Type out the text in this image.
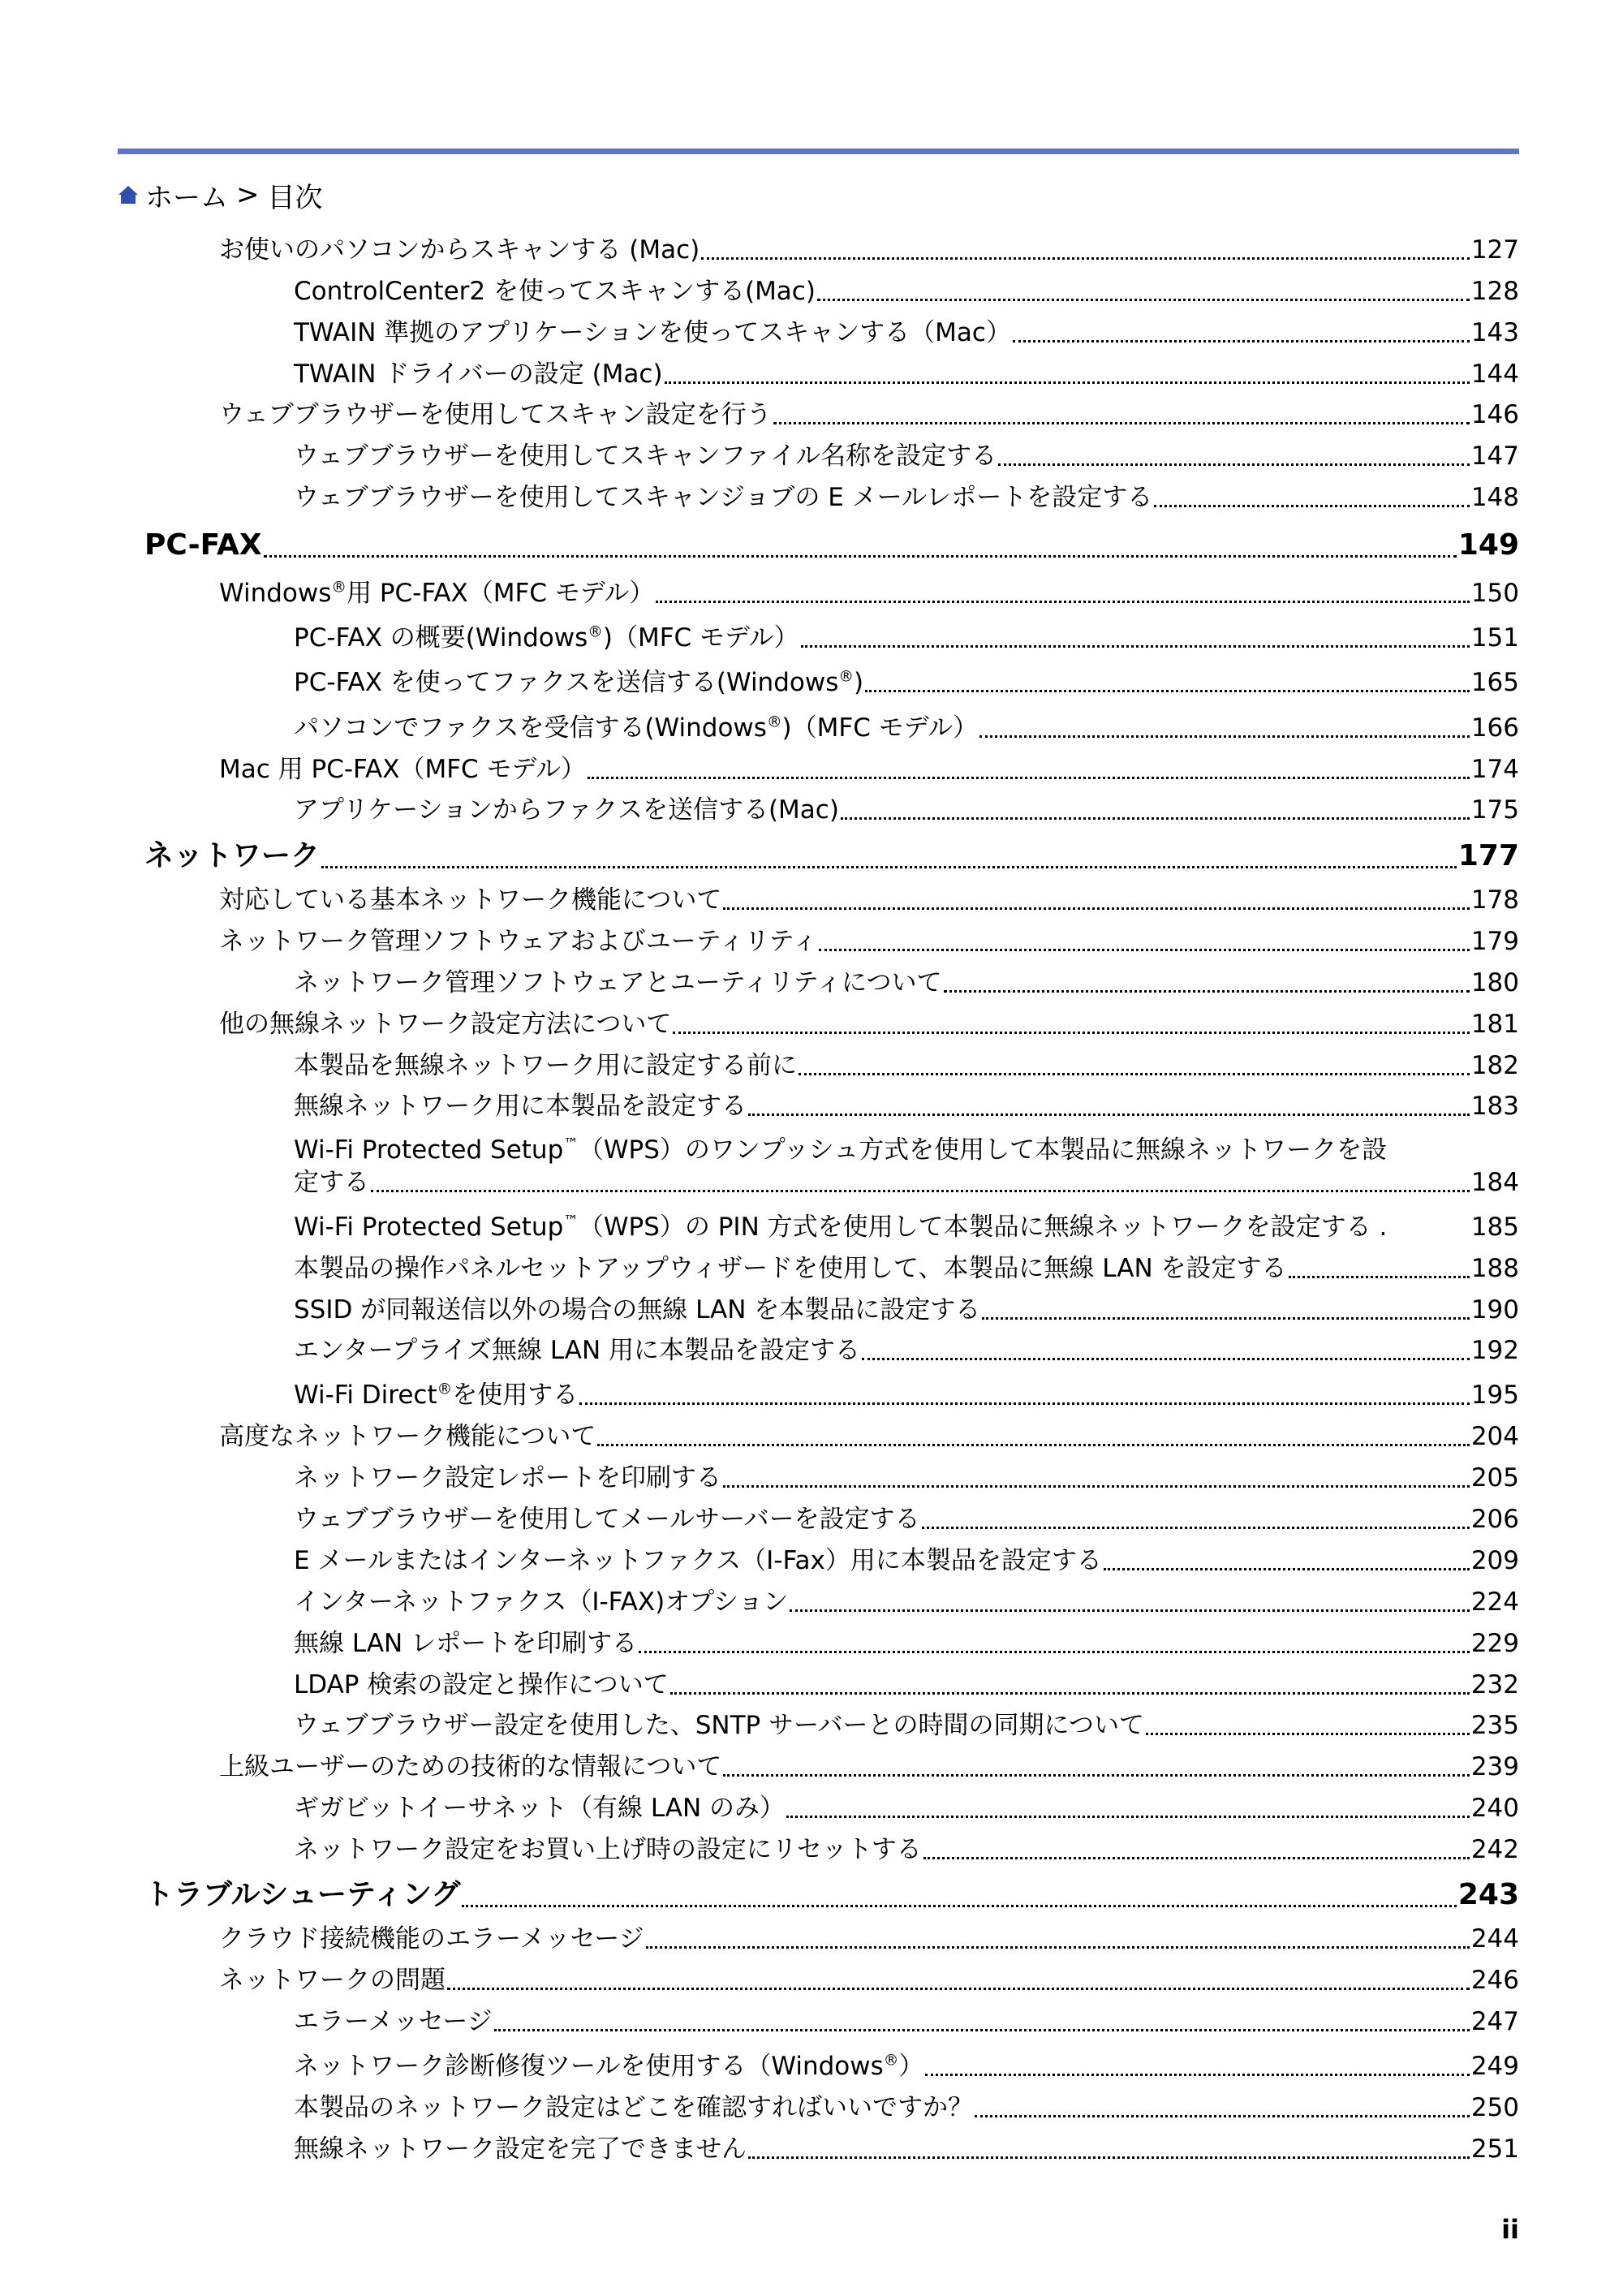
ホーム > 目次
お使いのパソコンからスキャンする (Mac)	127
ControlCenter2 を使ってスキャンする(Mac)	128
TWAIN 準拠のアプリケーションを使ってスキャンする（Mac）	143
TWAIN ドライバーの設定 (Mac)	144
ウェブブラウザーを使用してスキャン設定を行う	146
ウェブブラウザーを使用してスキャンファイル名称を設定する	147
ウェブブラウザーを使用してスキャンジョブの E メールレポートを設定する	148
PC-FAX	149
Windows®用 PC-FAX（MFC モデル）	150
PC-FAX の概要(Windows®)（MFC モデル）	151
PC-FAX を使ってファクスを送信する(Windows®)	165
パソコンでファクスを受信する(Windows®)（MFC モデル）	166
Mac 用 PC-FAX（MFC モデル）	174
アプリケーションからファクスを送信する(Mac)	175
ネットワーク	177
対応している基本ネットワーク機能について	178
ネットワーク管理ソフトウェアおよびユーティリティ	179
ネットワーク管理ソフトウェアとユーティリティについて	180
他の無線ネットワーク設定方法について	181
本製品を無線ネットワーク用に設定する前に	182
無線ネットワーク用に本製品を設定する	183
Wi-Fi Protected Setup™（WPS）のワンプッシュ方式を使用して本製品に無線ネットワークを設
定する	184
Wi-Fi Protected Setup™（WPS）の PIN 方式を使用して本製品に無線ネットワークを設定する .	185
本製品の操作パネルセットアップウィザードを使用して、本製品に無線 LAN を設定する	188
SSID が同報送信以外の場合の無線 LAN を本製品に設定する	190
エンタープライズ無線 LAN 用に本製品を設定する	192
Wi-Fi Direct®を使用する	195
高度なネットワーク機能について	204
ネットワーク設定レポートを印刷する	205
ウェブブラウザーを使用してメールサーバーを設定する	206
E メールまたはインターネットファクス（I-Fax）用に本製品を設定する	209
インターネットファクス（I-FAX)オプション	224
無線 LAN レポートを印刷する	229
LDAP 検索の設定と操作について	232
ウェブブラウザー設定を使用した、SNTP サーバーとの時間の同期について	235
上級ユーザーのための技術的な情報について	239
ギガビットイーサネット（有線 LAN のみ）	240
ネットワーク設定をお買い上げ時の設定にリセットする	242
トラブルシューティング	243
クラウド接続機能のエラーメッセージ	244
ネットワークの問題	246
エラーメッセージ	247
ネットワーク診断修復ツールを使用する（Windows®）	249
本製品のネットワーク設定はどこを確認すればいいですか？	250
無線ネットワーク設定を完了できません	251
ii
